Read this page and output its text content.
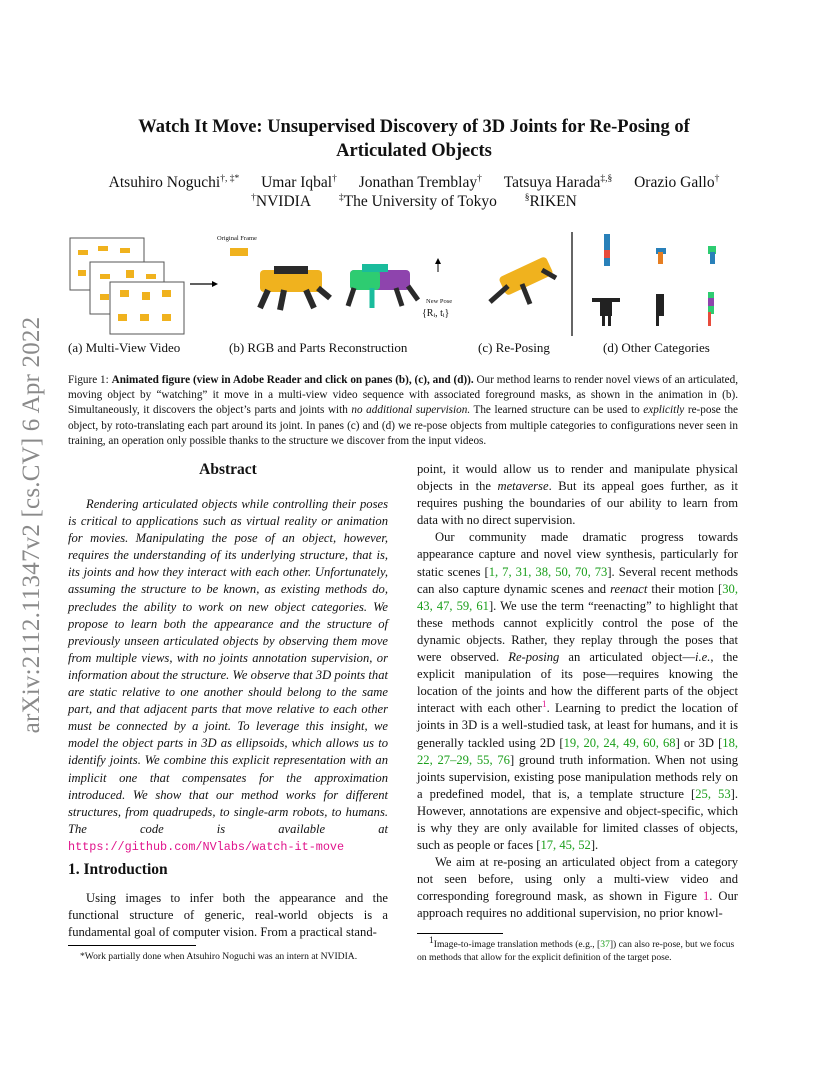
arXiv:2112.11347v2 [cs.CV] 6 Apr 2022
Watch It Move: Unsupervised Discovery of 3D Joints for Re-Posing of
Articulated Objects
Atsuhiro Noguchi†, ‡* Umar Iqbal† Jonathan Tremblay† Tatsuya Harada‡,§ Orazio Gallo†
†NVIDIA	‡The University of Tokyo	§RIKEN
Original Frame
New Pose
{Rᵢ, tᵢ}
(a) Multi-View Video	(b) RGB and Parts Reconstruction	(c) Re-Posing	(d) Other Categories
Figure 1: Animated figure (view in Adobe Reader and click on panes (b), (c), and (d)). Our method learns to render novel views of an articulated, moving object by “watching” it move in a multi-view video sequence with associated foreground masks, as shown in the animation in (b). Simultaneously, it discovers the object’s parts and joints with no additional supervision. The learned structure can be used to explicitly re-pose the object, by roto-translating each part around its joint. In panes (c) and (d) we re-pose objects from multiple categories to configurations never seen in training, an operation only possible thanks to the structure we discover from the input videos.
Abstract

Rendering articulated objects while controlling their poses is critical to applications such as virtual reality or animation for movies. Manipulating the pose of an object, however, requires the understanding of its underlying structure, that is, its joints and how they interact with each other. Unfortunately, assuming the structure to be known, as existing methods do, precludes the ability to work on new object categories. We propose to learn both the appearance and the structure of previously unseen articulated objects by observing them move from multiple views, with no joints annotation supervision, or information about the structure. We observe that 3D points that are static relative to one another should belong to the same part, and that adjacent parts that move relative to each other must be connected by a joint. To leverage this insight, we model the object parts in 3D as ellipsoids, which allows us to identify joints. We combine this explicit representation with an implicit one that compensates for the approximation introduced. We show that our method works for different structures, from quadrupeds, to single-arm robots, to humans. The code is available at https://github.com/NVlabs/watch-it-move

1. Introduction

Using images to infer both the appearance and the functional structure of generic, real-world objects is a fundamental goal of computer vision. From a practical stand-

*Work partially done when Atsuhiro Noguchi was an intern at NVIDIA.

point, it would allow us to render and manipulate physical objects in the metaverse. But its appeal goes further, as it requires pushing the boundaries of our ability to learn from data with no direct supervision.

Our community made dramatic progress towards appearance capture and novel view synthesis, particularly for static scenes [1, 7, 31, 38, 50, 70, 73]. Several recent methods can also capture dynamic scenes and reenact their motion [30, 43, 47, 59, 61]. We use the term “reenacting” to highlight that these methods cannot explicitly control the pose of the dynamic objects. Rather, they replay through the poses that were observed. Re-posing an articulated object—i.e., the explicit manipulation of its pose—requires knowing the location of the joints and how the different parts of the object interact with each other$^1$. Learning to predict the location of joints in 3D is a well-studied task, at least for humans, and it is generally tackled using 2D [19, 20, 24, 49, 60, 68] or 3D [18, 22, 27–29, 55, 76] ground truth information. When not using joints supervision, existing pose manipulation methods rely on a predefined model, that is, a template structure [25, 53]. However, annotations are expensive and object-specific, which is why they are only available for limited classes of objects, such as people or faces [17, 45, 52].

We aim at re-posing an articulated object from a category not seen before, using only a multi-view video and corresponding foreground mask, as shown in Figure 1. Our approach requires no additional supervision, no prior knowl-

$^1$Image-to-image translation methods (e.g., [37]) can also re-pose, but we focus on methods that allow for the explicit definition of the target pose.
